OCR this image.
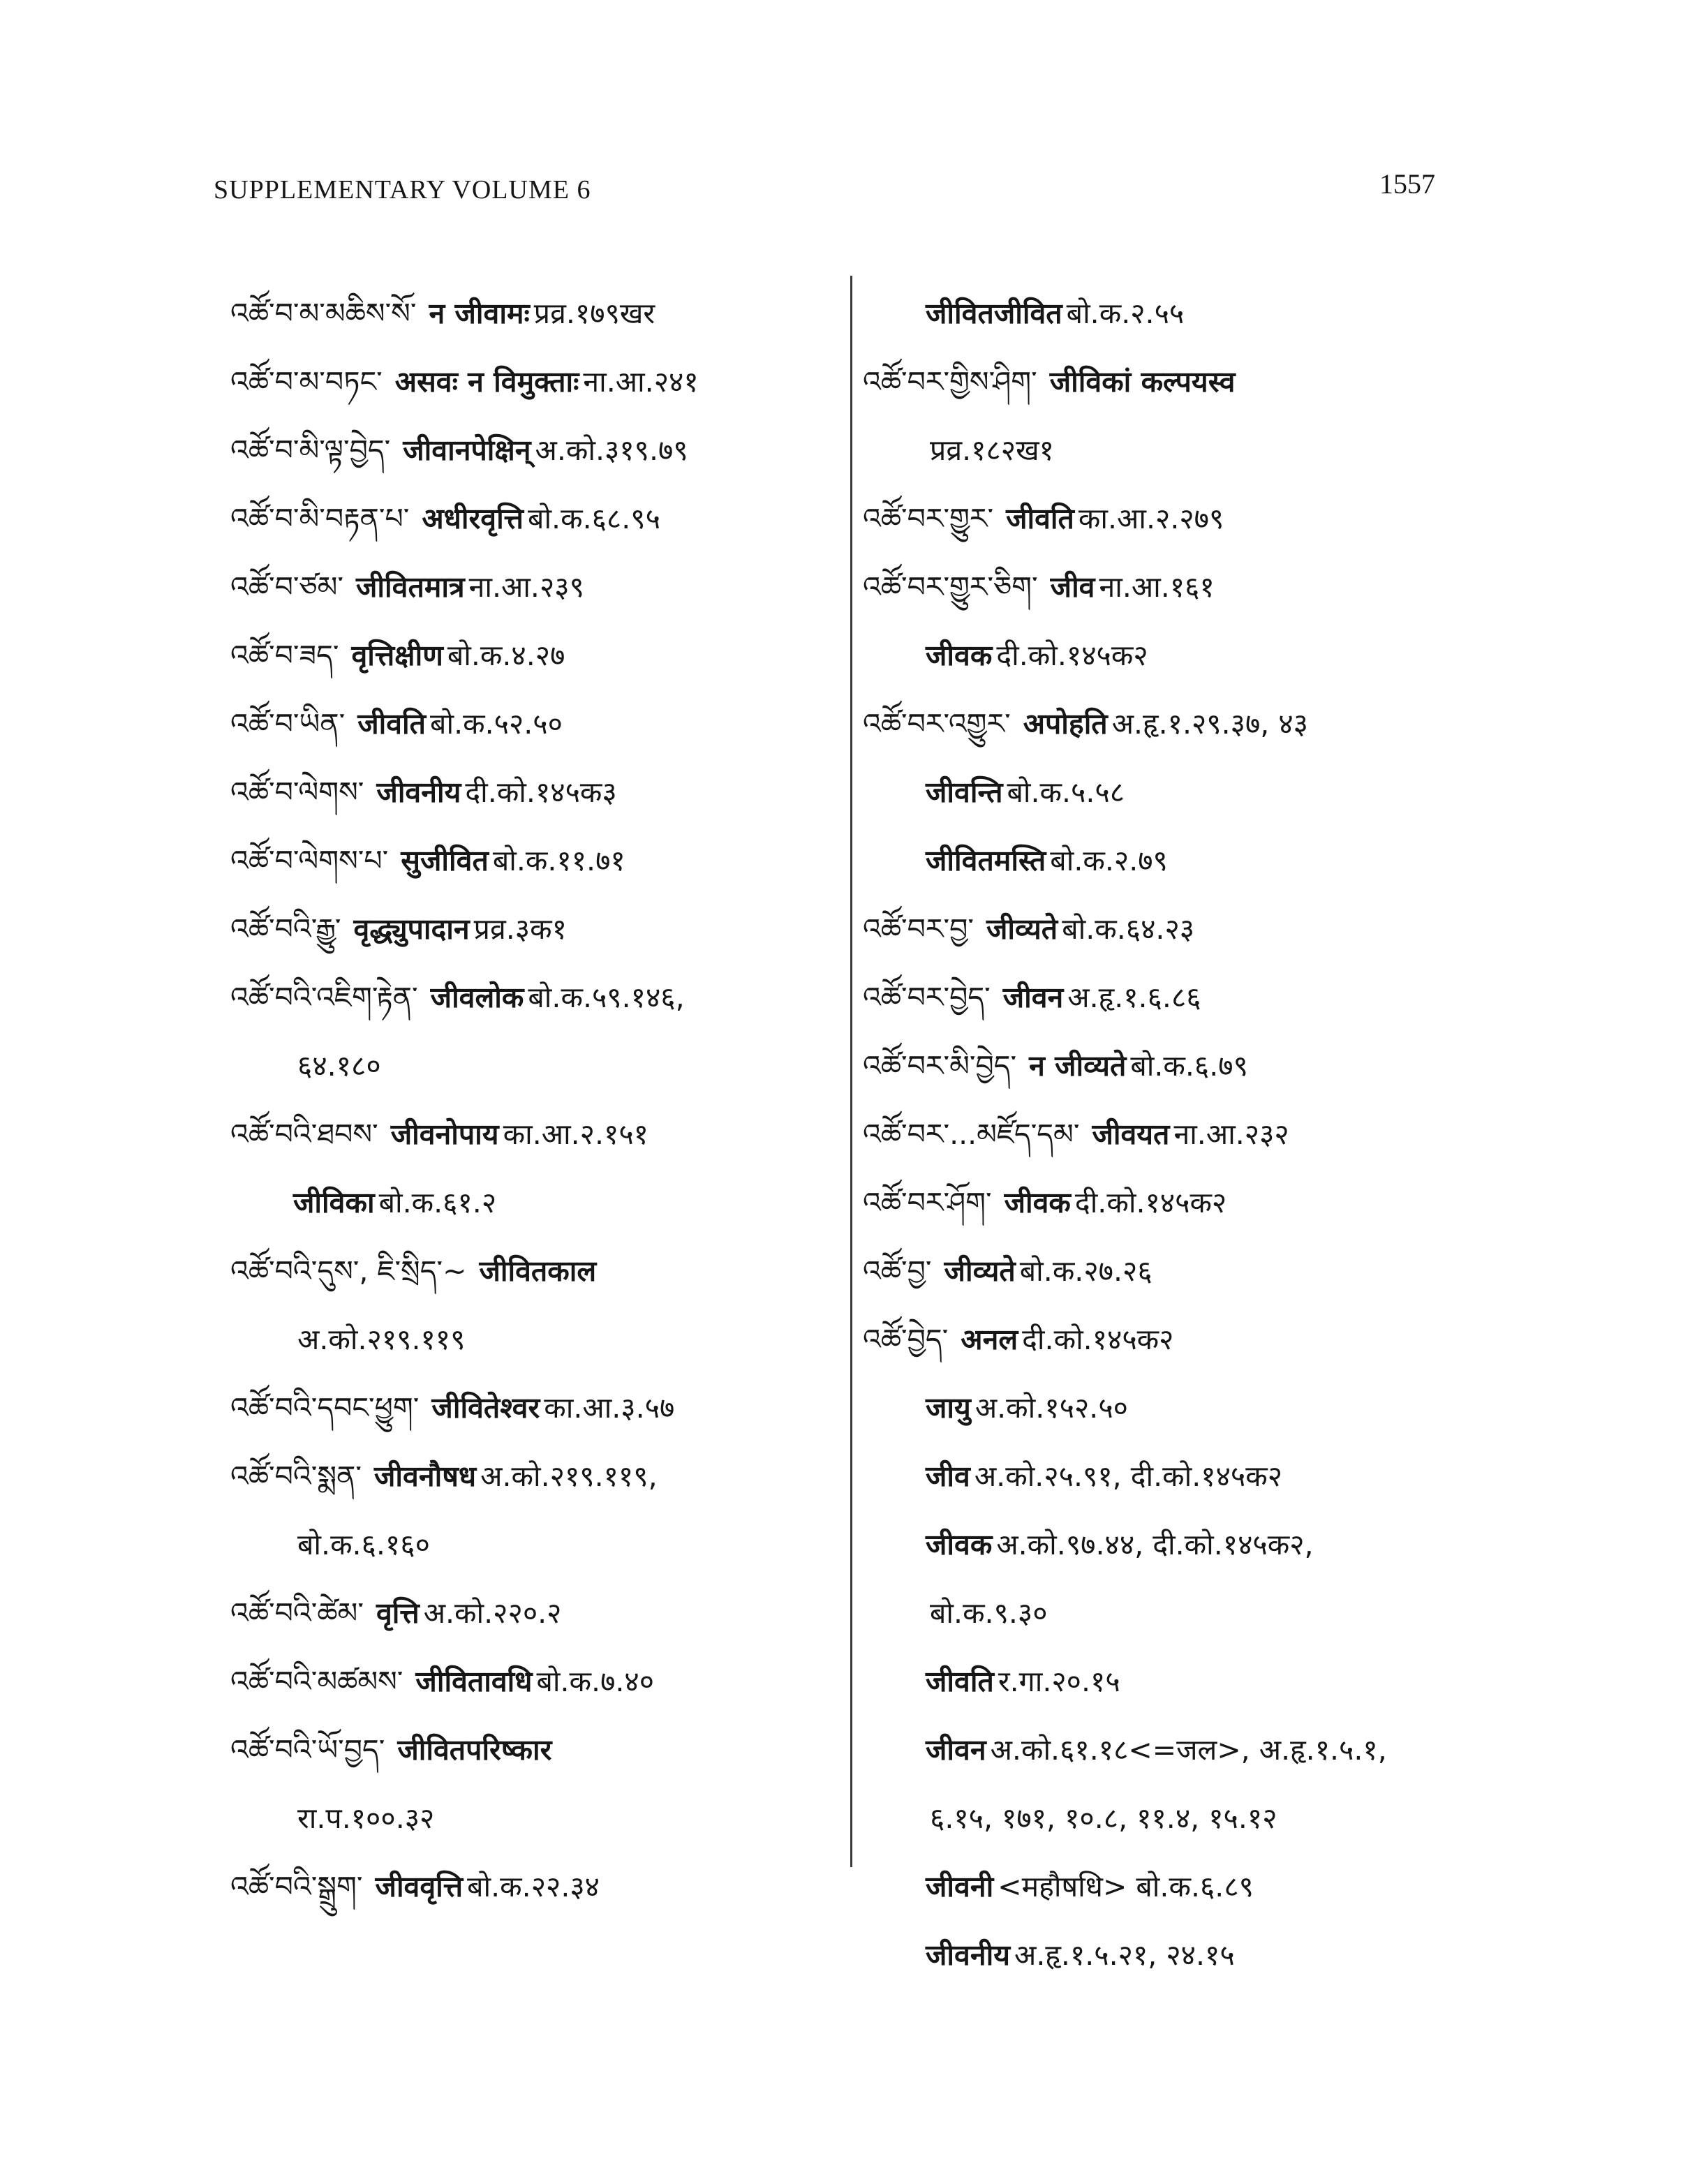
SUPPLEMENTARY VOLUME 6	1557
འཚོ་བ་མ་མཆིས་སོ་ न जीवामः प्रव्र.१७९खर
འཚོ་བ་མ་བཏང་ असवः न विमुक्ताः ना.आ.२४१
འཚོ་བ་མི་ལྟ་བྱེད་ जीवानपेक्षिन् अ.को.३१९.७९
འཚོ་བ་མི་བརྟན་པ་ अधीरवृत्ति बो.क.६८.९५
འཚོ་བ་ཙམ་ जीवितमात्र ना.आ.२३९
འཚོ་བ་ཟད་ वृत्तिक्षीण बो.क.४.२७
འཚོ་བ་ཡིན་ जीवति बो.क.५२.५०
འཚོ་བ་ལེགས་ जीवनीय दी.को.१४५क३
འཚོ་བ་ལེགས་པ་ सुजीवित बो.क.११.७१
འཚོ་བའི་རྒྱུ་ वृद्ध्युपादान प्रव्र.३क१
འཚོ་བའི་འཇིག་རྟེན་ जीवलोक बो.क.५९.१४६,
६४.१८०
འཚོ་བའི་ཐབས་ जीवनोपाय का.आ.२.१५१
जीविका बो.क.६१.२
འཚོ་བའི་དུས་, ཇི་སྲིད་~ जीवितकाल
अ.को.२१९.११९
འཚོ་བའི་དབང་ཕྱུག་ जीवितेश्वर का.आ.३.५७
འཚོ་བའི་སྨན་ जीवनौषध अ.को.२१९.११९,
बो.क.६.१६०
འཚོ་བའི་ཚེམ་ वृत्ति अ.को.२२०.२
འཚོ་བའི་མཚམས་ जीवितावधि बो.क.७.४०
འཚོ་བའི་ཡོ་བྱད་ जीवितपरिष्कार
रा.प.१००.३२
འཚོ་བའི་སྒྲུག་ जीववृत्ति बो.क.२२.३४
जीवितजीवित बो.क.२.५५
འཚོ་བར་གྱིས་ཤིག་ जीविकां कल्पयस्व
प्रव्र.१८२ख१
འཚོ་བར་གྱུར་ जीवति का.आ.२.२७९
འཚོ་བར་གྱུར་ཅིག་ जीव ना.आ.१६१
जीवक दी.को.१४५क२
འཚོ་བར་འགྱུར་ अपोहति अ.हृ.१.२९.३७, ४३
जीवन्ति बो.क.५.५८
जीवितमस्ति बो.क.२.७९
འཚོ་བར་བྱ་ जीव्यते बो.क.६४.२३
འཚོ་བར་བྱེད་ जीवन अ.हृ.१.६.८६
འཚོ་བར་མི་བྱེད་ न जीव्यते बो.क.६.७९
འཚོ་བར་...མཛོད་དམ་ जीवयत ना.आ.२३२
འཚོ་བར་ཤོག་ जीवक दी.को.१४५क२
འཚོ་བྱ་ जीव्यते बो.क.२७.२६
འཚོ་བྱེད་ अनल दी.को.१४५क२
जायु अ.को.१५२.५०
जीव अ.को.२५.९१, दी.को.१४५क२
जीवक अ.को.९७.४४, दी.को.१४५क२,
बो.क.९.३०
जीवति र.गा.२०.१५
जीवन अ.को.६१.१८<=जल>, अ.हृ.१.५.१,
६.१५, १७१, १०.८, ११.४, १५.१२
जीवनी <महौषधि> बो.क.६.८९
जीवनीय अ.हृ.१.५.२१, २४.१५
